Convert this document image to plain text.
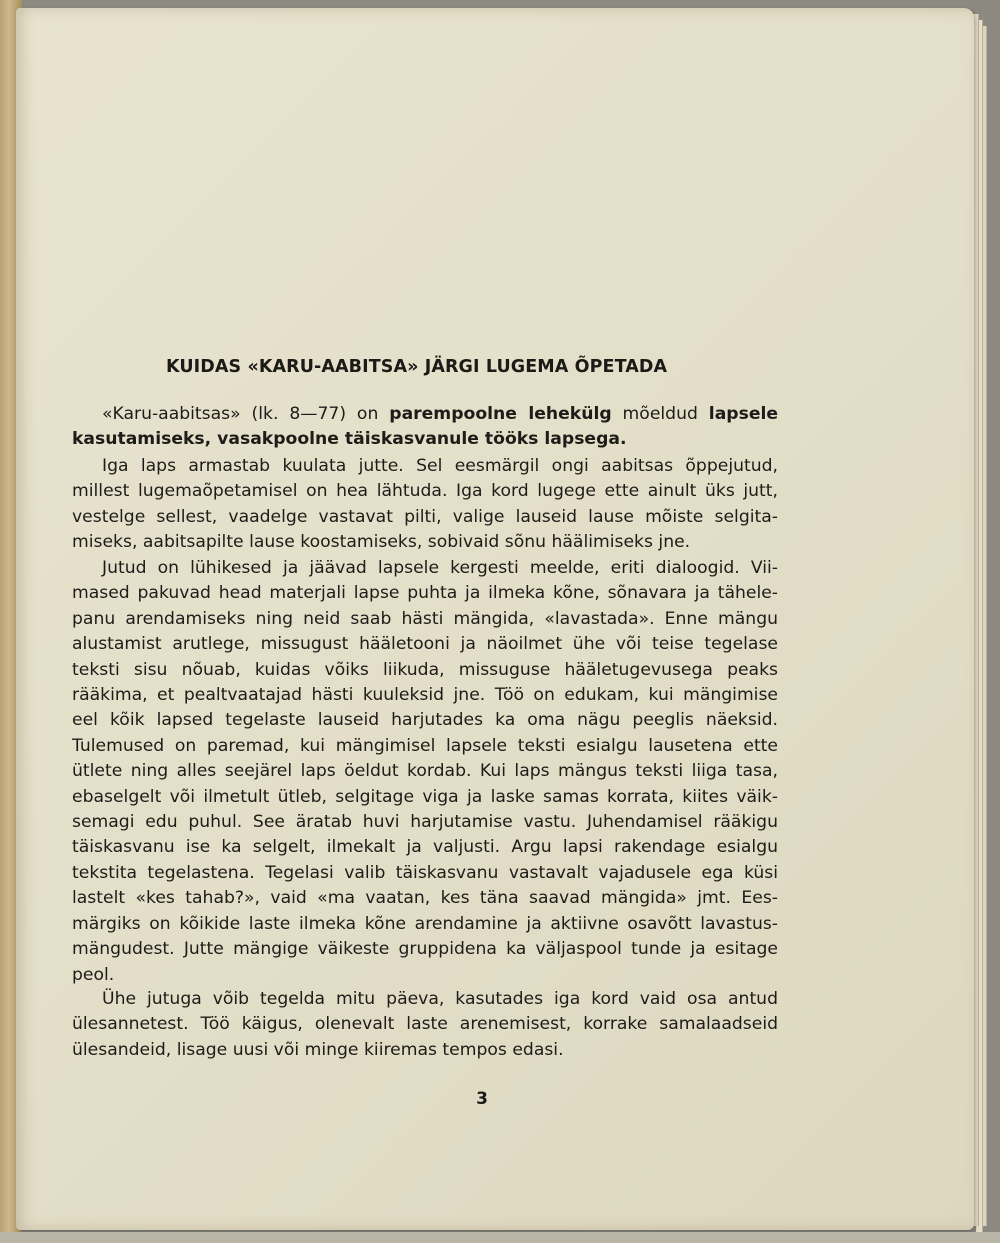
KUIDAS «KARU-AABITSA» JÄRGI LUGEMA ÕPETADA

«Karu-aabitsas» (lk. 8—77) on parempoolne lehekülg mõeldud lapsele

kasutamiseks, vasakpoolne täiskasvanule tööks lapsega.

Iga laps armastab kuulata jutte. Sel eesmärgil ongi aabitsas õppejutud,

millest lugemaõpetamisel on hea lähtuda. Iga kord lugege ette ainult üks jutt,

vestelge sellest, vaadelge vastavat pilti, valige lauseid lause mõiste selgita-

miseks, aabitsapilte lause koostamiseks, sobivaid sõnu häälimiseks jne.

Jutud on lühikesed ja jäävad lapsele kergesti meelde, eriti dialoogid. Vii-

mased pakuvad head materjali lapse puhta ja ilmeka kõne, sõnavara ja tähele-

panu arendamiseks ning neid saab hästi mängida, «lavastada». Enne mängu

alustamist arutlege, missugust hääletooni ja näoilmet ühe või teise tegelase

teksti sisu nõuab, kuidas võiks liikuda, missuguse hääletugevusega peaks

rääkima, et pealtvaatajad hästi kuuleksid jne. Töö on edukam, kui mängimise

eel kõik lapsed tegelaste lauseid harjutades ka oma nägu peeglis näeksid.

Tulemused on paremad, kui mängimisel lapsele teksti esialgu lausetena ette

ütlete ning alles seejärel laps öeldut kordab. Kui laps mängus teksti liiga tasa,

ebaselgelt või ilmetult ütleb, selgitage viga ja laske samas korrata, kiites väik-

semagi edu puhul. See äratab huvi harjutamise vastu. Juhendamisel rääkigu

täiskasvanu ise ka selgelt, ilmekalt ja valjusti. Argu lapsi rakendage esialgu

tekstita tegelastena. Tegelasi valib täiskasvanu vastavalt vajadusele ega küsi

lastelt «kes tahab?», vaid «ma vaatan, kes täna saavad mängida» jmt. Ees-

märgiks on kõikide laste ilmeka kõne arendamine ja aktiivne osavõtt lavastus-

mängudest. Jutte mängige väikeste gruppidena ka väljaspool tunde ja esitage

peol.

Ühe jutuga võib tegelda mitu päeva, kasutades iga kord vaid osa antud

ülesannetest. Töö käigus, olenevalt laste arenemisest, korrake samalaadseid

ülesandeid, lisage uusi või minge kiiremas tempos edasi.

3
